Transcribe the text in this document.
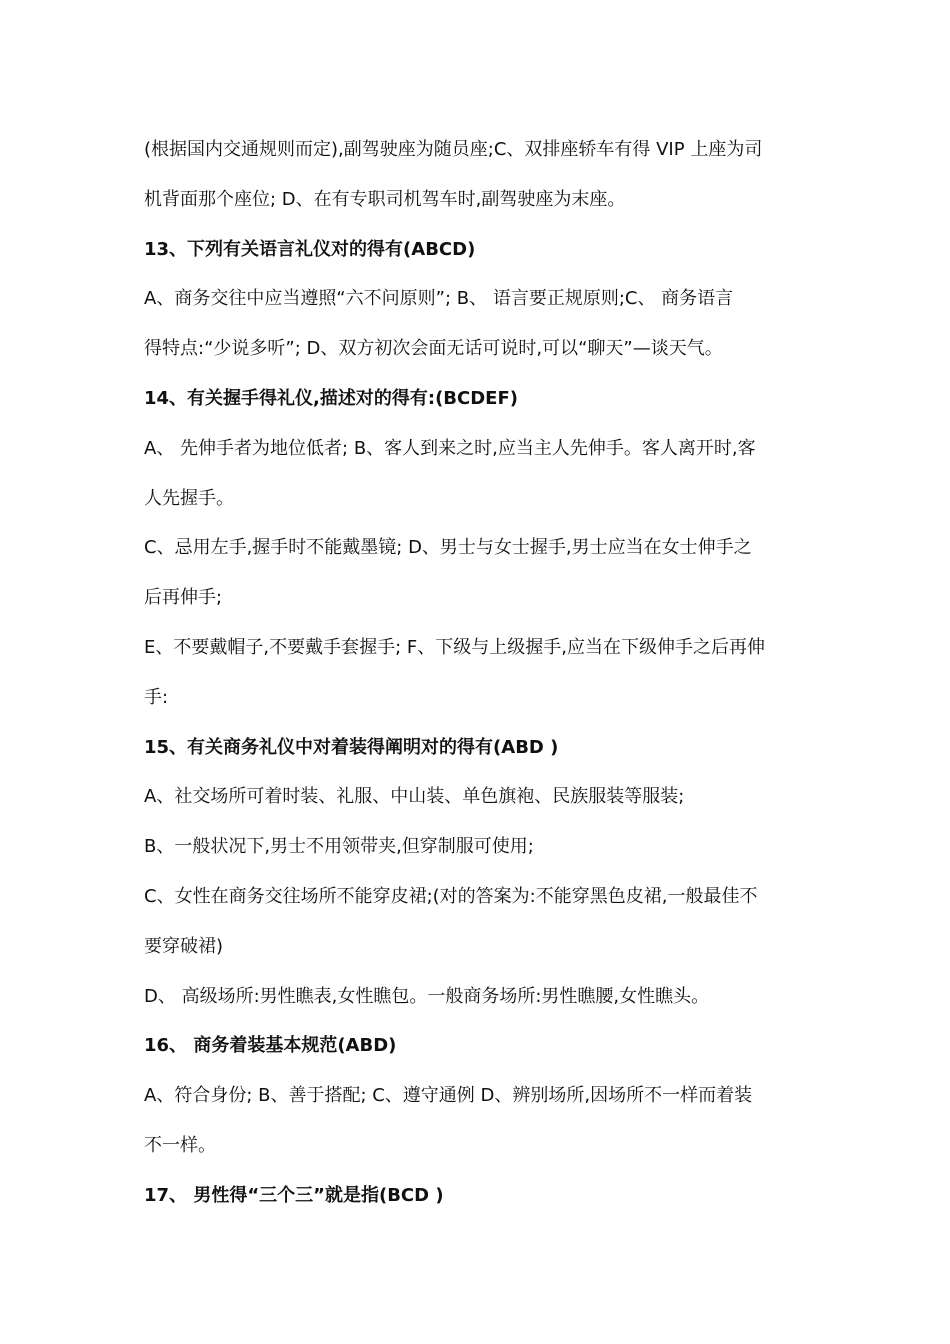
(根据国内交通规则而定),副驾驶座为随员座;C、双排座轿车有得 VIP 上座为司
机背面那个座位; D、在有专职司机驾车时,副驾驶座为末座。
13、下列有关语言礼仪对的得有(ABCD)
A、商务交往中应当遵照“六不问原则”; B、 语言要正规原则;C、 商务语言
得特点:“少说多听”; D、双方初次会面无话可说时,可以“聊天”—谈天气。
14、有关握手得礼仪,描述对的得有:(BCDEF)
A、 先伸手者为地位低者; B、客人到来之时,应当主人先伸手。客人离开时,客
人先握手。
C、忌用左手,握手时不能戴墨镜; D、男士与女士握手,男士应当在女士伸手之
后再伸手;
E、不要戴帽子,不要戴手套握手; F、下级与上级握手,应当在下级伸手之后再伸
手:
15、有关商务礼仪中对着装得阐明对的得有(ABD )
A、社交场所可着时装、礼服、中山装、单色旗袍、民族服装等服装;
B、一般状况下,男士不用领带夹,但穿制服可使用;
C、女性在商务交往场所不能穿皮裙;(对的答案为:不能穿黑色皮裙,一般最佳不
要穿破裙)
D、 高级场所:男性瞧表,女性瞧包。一般商务场所:男性瞧腰,女性瞧头。
16、 商务着装基本规范(ABD)
A、符合身份; B、善于搭配; C、遵守通例 D、辨别场所,因场所不一样而着装
不一样。
17、 男性得“三个三”就是指(BCD )
